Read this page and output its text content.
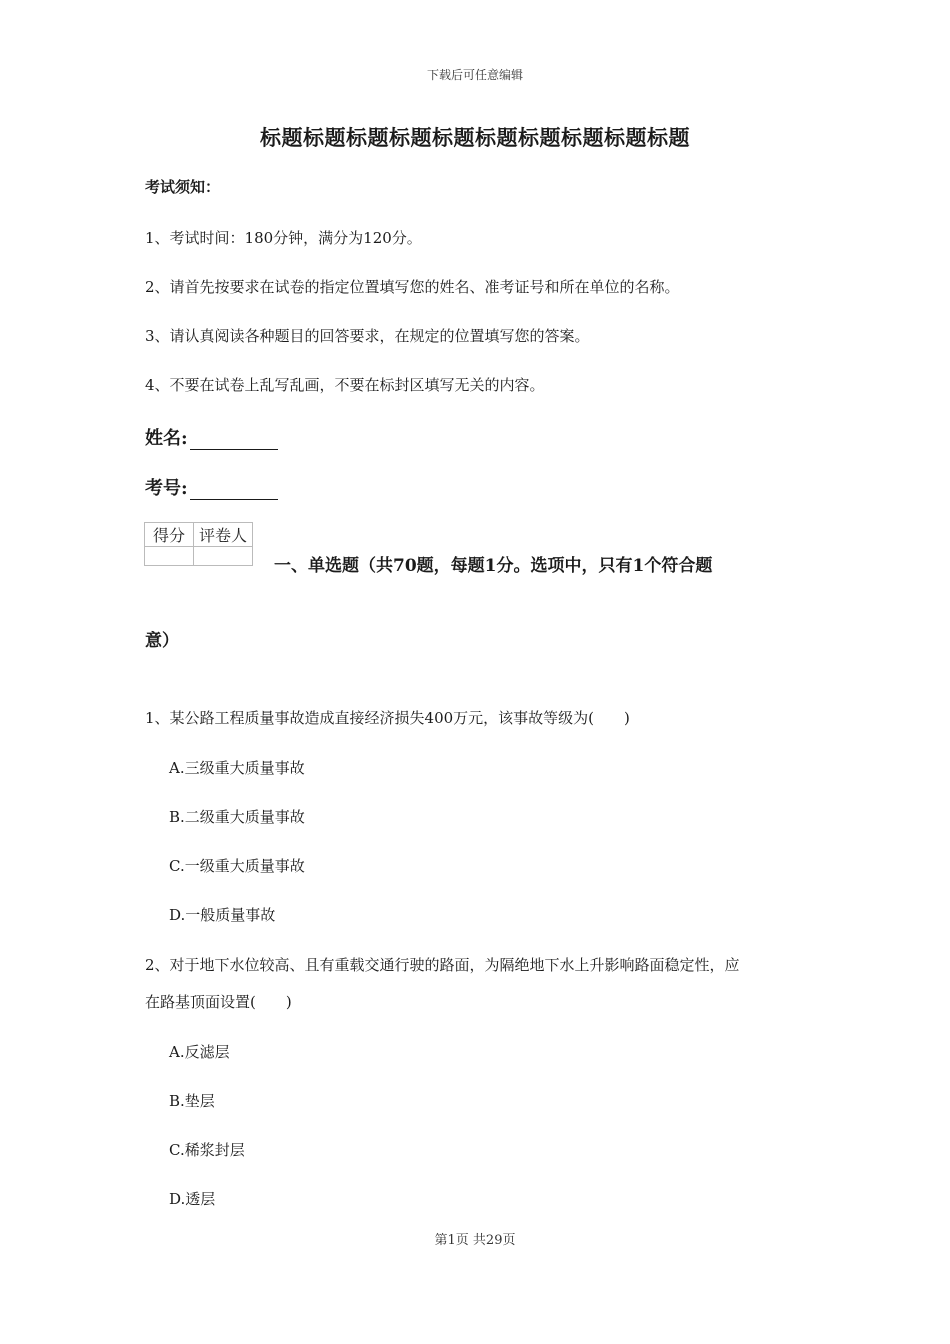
下载后可任意编辑
标题标题标题标题标题标题标题标题标题标题
考试须知：
1、考试时间：180分钟，满分为120分。
2、请首先按要求在试卷的指定位置填写您的姓名、准考证号和所在单位的名称。
3、请认真阅读各种题目的回答要求，在规定的位置填写您的答案。
4、不要在试卷上乱写乱画，不要在标封区填写无关的内容。
姓名:
考号:
得分	评卷人

一、单选题（共70题，每题1分。选项中，只有1个符合题
意）
1、某公路工程质量事故造成直接经济损失400万元，该事故等级为(　　)
A.三级重大质量事故
B.二级重大质量事故
C.一级重大质量事故
D.一般质量事故
2、对于地下水位较高、且有重载交通行驶的路面，为隔绝地下水上升影响路面稳定性，应
在路基顶面设置(　　)
A.反滤层
B.垫层
C.稀浆封层
D.透层
第1页 共29页
